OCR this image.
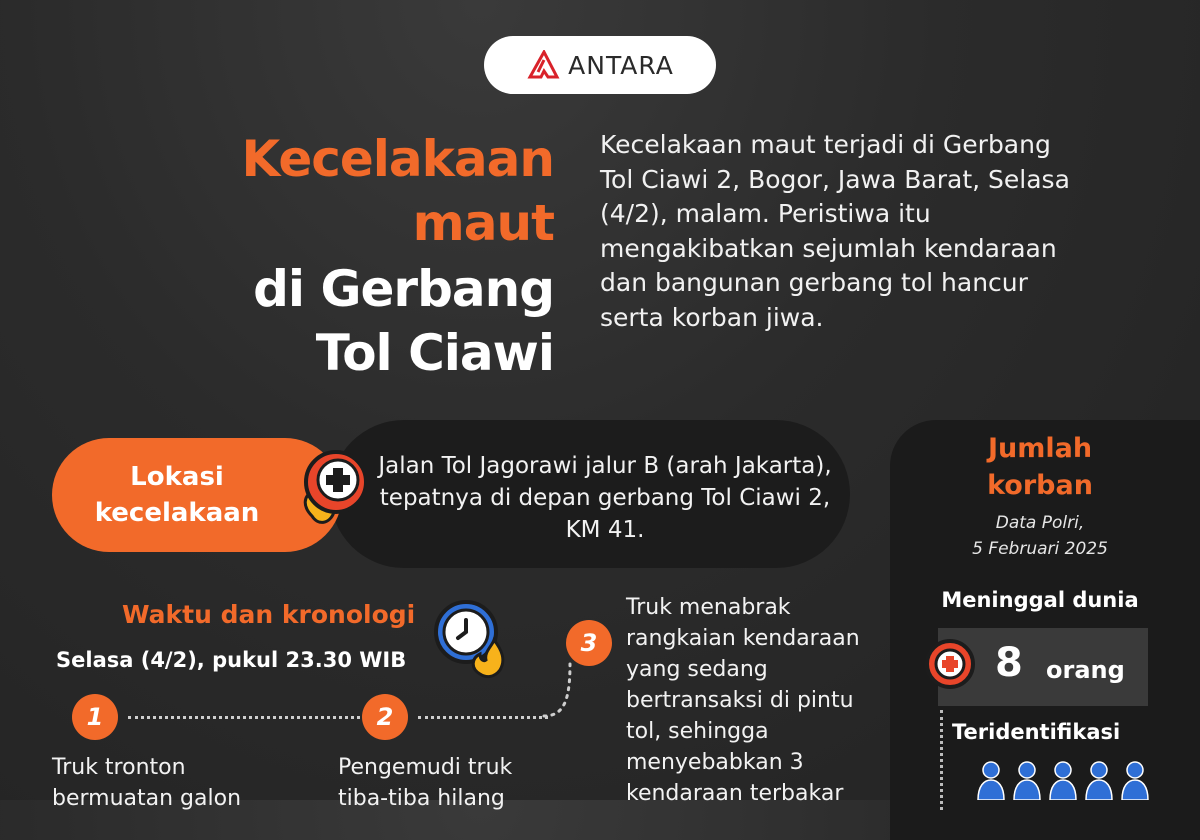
ANTARA
Kecelakaan
maut
di Gerbang
Tol Ciawi
Kecelakaan maut terjadi di Gerbang Tol Ciawi 2, Bogor, Jawa Barat, Selasa (4/2), malam. Peristiwa itu mengakibatkan sejumlah kendaraan dan bangunan gerbang tol hancur serta korban jiwa.
Jalan Tol Jagorawi jalur B (arah Jakarta), tepatnya di depan gerbang Tol Ciawi 2, KM 41.
Lokasi
kecelakaan
Waktu dan kronologi
Selasa (4/2), pukul 23.30 WIB
1	2
3
Truk tronton bermuatan galon
Pengemudi truk tiba-tiba hilang
Truk menabrak rangkaian kendaraan yang sedang bertransaksi di pintu tol, sehingga menyebabkan 3 kendaraan terbakar
Jumlah
korban
Data Polri,
5 Februari 2025
Meninggal dunia
8 orang
Teridentifikasi
